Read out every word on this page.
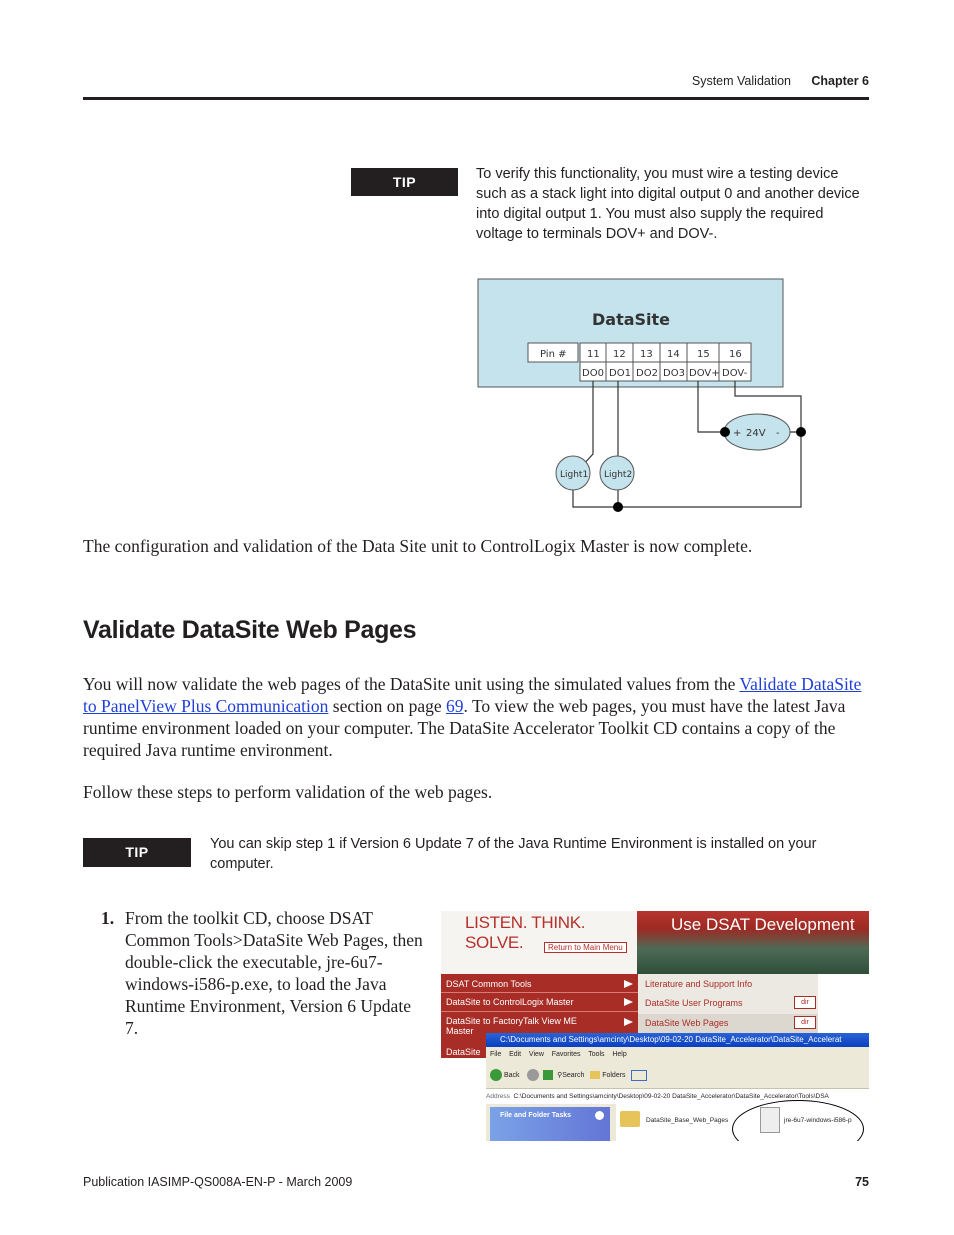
System Validation Chapter 6
TIP	To verify this functionality, you must wire a testing device such as a stack light into digital output 0 and another device into digital output 1. You must also supply the required voltage to terminals DOV+ and DOV-.
DataSite
Pin # 11 12 13 14 15 16
DO0 DO1 DO2 DO3 DOV+ DOV-
+ 24V -
Light1 Light2
The configuration and validation of the Data Site unit to ControlLogix Master is now complete.
Validate DataSite Web Pages
You will now validate the web pages of the DataSite unit using the simulated values from the Validate DataSite to PanelView Plus Communication section on page 69. To view the web pages, you must have the latest Java runtime environment loaded on your computer. The DataSite Accelerator Toolkit CD contains a copy of the required Java runtime environment.
Follow these steps to perform validation of the web pages.
TIP	You can skip step 1 if Version 6 Update 7 of the Java Runtime Environment is installed on your computer.
1. From the toolkit CD, choose DSAT Common Tools>DataSite Web Pages, then double-click the executable, jre-6u7-windows-i586-p.exe, to load the Java Runtime Environment, Version 6 Update 7.
LISTEN. THINK. SOLVE.	Return to Main Menu
Use DSAT Development
DSAT Common Tools
DataSite to ControlLogix Master
DataSite to FactoryTalk View ME Master
DataSite
Literature and Support Info
DataSite User Programs	dir
DataSite Web Pages	dir
C:\Documents and Settings\amcinty\Desktop\09-02-20 DataSite_Accelerator\DataSite_Accelerat
File Edit View Favorites Tools Help
Back	⚲Search	Folders
Address C:\Documents and Settings\amcinty\Desktop\09-02-20 DataSite_Accelerator\DataSite_Accelerator\Tools\DSA
File and Folder Tasks
DataSite_Base_Web_Pages	jre-6u7-windows-i586-p
Publication IASIMP-QS008A-EN-P - March 2009	75
